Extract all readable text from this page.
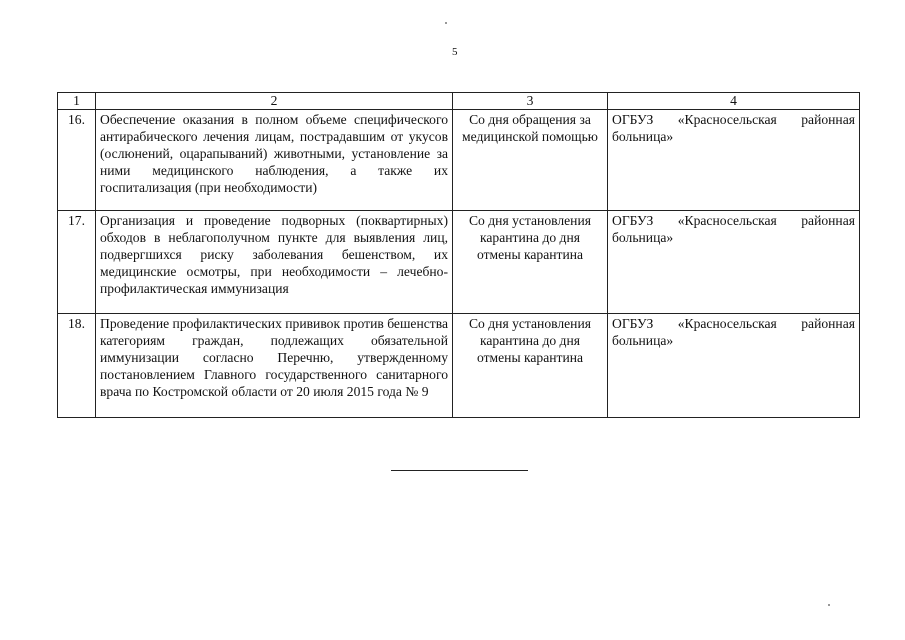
5
1	2	3	4
16.	Обеспечение оказания в полном объеме специфического антирабического лечения лицам, пострадавшим от укусов (ослюнений, оцарапываний) животными, установление за ними медицинского наблюдения, а также их госпитализация (при необходимости)	Со дня обращения за медицинской помощью	ОГБУЗ «Красносельская районная больница»
17.	Организация и проведение подворных (поквартирных) обходов в неблагополучном пункте для выявления лиц, подвергшихся риску заболевания бешенством, их медицинские осмотры, при необходимости – лечебно-профилактическая иммунизация	Со дня установления карантина до дня отмены карантина	ОГБУЗ «Красносельская районная больница»
18.	Проведение профилактических прививок против бешенства категориям граждан, подлежащих обязательной иммунизации согласно Перечню, утвержденному постановлением Главного государственного санитарного врача по Костромской области от 20 июля 2015 года № 9	Со дня установления карантина до дня отмены карантина	ОГБУЗ «Красносельская районная больница»
